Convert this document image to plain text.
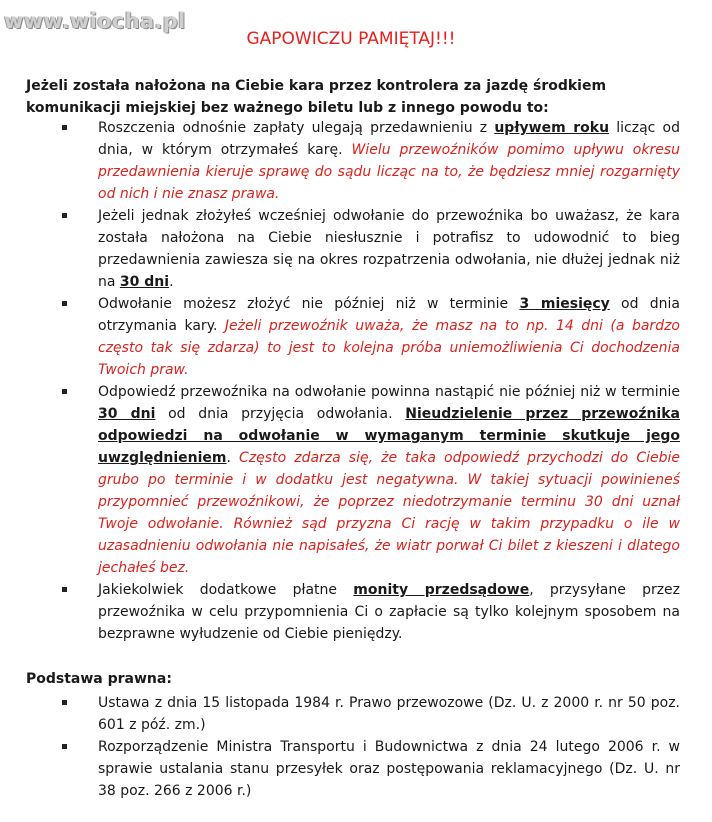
www.wiocha.pl
GAPOWICZU PAMIĘTAJ!!!

Jeżeli została nałożona na Ciebie kara przez kontrolera za jazdę środkiem komunikacji miejskiej bez ważnego biletu lub z innego powodu to:

Roszczenia odnośnie zapłaty ulegają przedawnieniu z upływem roku licząc od dnia, w którym otrzymałeś karę. Wielu przewoźników pomimo upływu okresu przedawnienia kieruje sprawę do sądu licząc na to, że będziesz mniej rozgarnięty od nich i nie znasz prawa.
Jeżeli jednak złożyłeś wcześniej odwołanie do przewoźnika bo uważasz, że kara została nałożona na Ciebie niesłusznie i potrafisz to udowodnić to bieg przedawnienia zawiesza się na okres rozpatrzenia odwołania, nie dłużej jednak niż na 30 dni.
Odwołanie możesz złożyć nie później niż w terminie 3 miesięcy od dnia otrzymania kary. Jeżeli przewoźnik uważa, że masz na to np. 14 dni (a bardzo często tak się zdarza) to jest to kolejna próba uniemożliwienia Ci dochodzenia Twoich praw.
Odpowiedź przewoźnika na odwołanie powinna nastąpić nie później niż w terminie 30 dni od dnia przyjęcia odwołania. Nieudzielenie przez przewoźnika odpowiedzi na odwołanie w wymaganym terminie skutkuje jego uwzględnieniem. Często zdarza się, że taka odpowiedź przychodzi do Ciebie grubo po terminie i w dodatku jest negatywna. W takiej sytuacji powinieneś przypomnieć przewoźnikowi, że poprzez niedotrzymanie terminu 30 dni uznał Twoje odwołanie. Również sąd przyzna Ci rację w takim przypadku o ile w uzasadnieniu odwołania nie napisałeś, że wiatr porwał Ci bilet z kieszeni i dlatego jechałeś bez.
Jakiekolwiek dodatkowe płatne monity przedsądowe, przysyłane przez przewoźnika w celu przypomnienia Ci o zapłacie są tylko kolejnym sposobem na bezprawne wyłudzenie od Ciebie pieniędzy.

Podstawa prawna:

Ustawa z dnia 15 listopada 1984 r. Prawo przewozowe (Dz. U. z 2000 r. nr 50 poz. 601 z póź. zm.)
Rozporządzenie Ministra Transportu i Budownictwa z dnia 24 lutego 2006 r. w sprawie ustalania stanu przesyłek oraz postępowania reklamacyjnego (Dz. U. nr 38 poz. 266 z 2006 r.)
